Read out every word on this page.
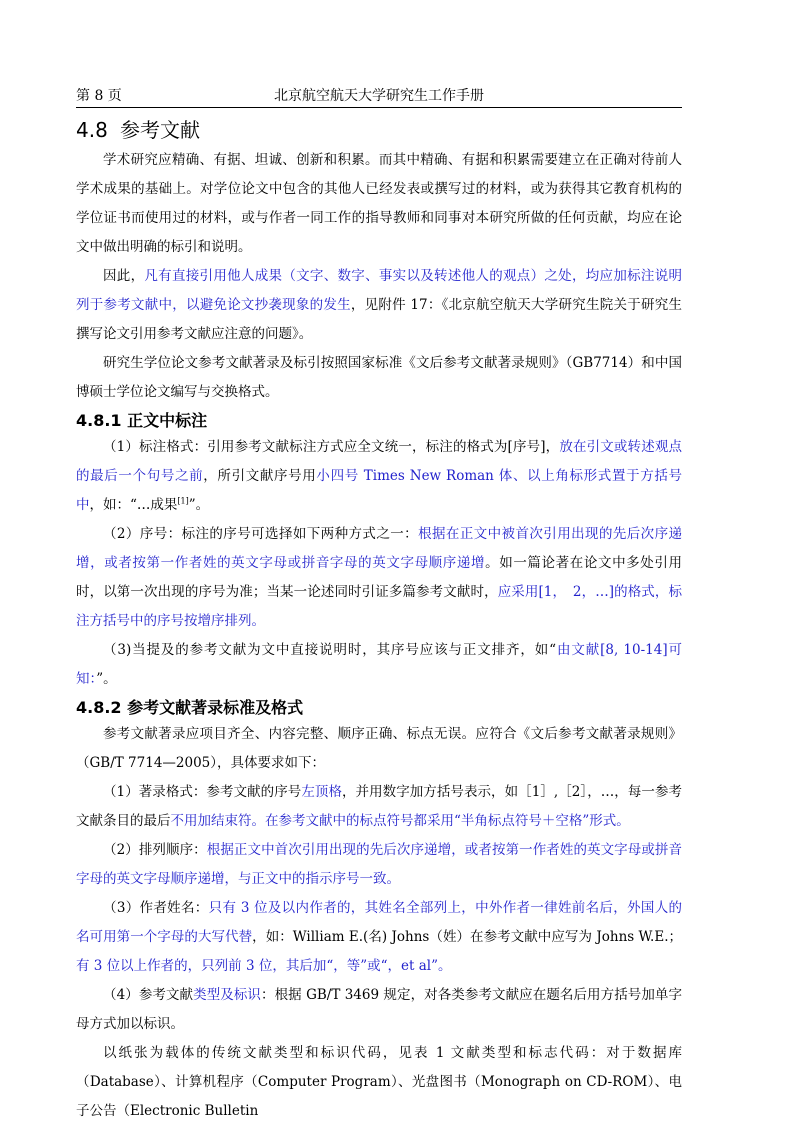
第 8 页	北京航空航天大学研究生工作手册
4.8 参考文献

学术研究应精确、有据、坦诚、创新和积累。而其中精确、有据和积累需要建立在正确对待前人学术成果的基础上。对学位论文中包含的其他人已经发表或撰写过的材料，或为获得其它教育机构的学位证书而使用过的材料，或与作者一同工作的指导教师和同事对本研究所做的任何贡献，均应在论文中做出明确的标引和说明。

因此，凡有直接引用他人成果（文字、数字、事实以及转述他人的观点）之处，均应加标注说明列于参考文献中，以避免论文抄袭现象的发生，见附件 17：《北京航空航天大学研究生院关于研究生撰写论文引用参考文献应注意的问题》。

研究生学位论文参考文献著录及标引按照国家标准《文后参考文献著录规则》（GB7714）和中国博硕士学位论文编写与交换格式。

4.8.1 正文中标注

（1）标注格式：引用参考文献标注方式应全文统一，标注的格式为[序号]，放在引文或转述观点的最后一个句号之前，所引文献序号用小四号 Times New Roman 体、以上角标形式置于方括号中，如：“…成果[1]”。

（2）序号：标注的序号可选择如下两种方式之一：根据在正文中被首次引用出现的先后次序递增，或者按第一作者姓的英文字母或拼音字母的英文字母顺序递增。如一篇论著在论文中多处引用时，以第一次出现的序号为准；当某一论述同时引证多篇参考文献时，应采用[1，　2，…]的格式，标注方括号中的序号按增序排列。

（3)当提及的参考文献为文中直接说明时，其序号应该与正文排齐，如“由文献[8, 10-14]可知：”。

4.8.2 参考文献著录标准及格式

参考文献著录应项目齐全、内容完整、顺序正确、标点无误。应符合《文后参考文献著录规则》（GB/T 7714—2005），具体要求如下：

（1）著录格式：参考文献的序号左顶格，并用数字加方括号表示，如［1］,［2］，…，每一参考文献条目的最后不用加结束符。在参考文献中的标点符号都采用“半角标点符号＋空格”形式。

（2）排列顺序：根据正文中首次引用出现的先后次序递增，或者按第一作者姓的英文字母或拼音字母的英文字母顺序递增，与正文中的指示序号一致。

（3）作者姓名：只有 3 位及以内作者的，其姓名全部列上，中外作者一律姓前名后，外国人的名可用第一个字母的大写代替，如：William E.(名) Johns（姓）在参考文献中应写为 Johns W.E.；有 3 位以上作者的，只列前 3 位，其后加“，等”或“，et al”。

（4）参考文献类型及标识：根据 GB/T 3469 规定，对各类参考文献应在题名后用方括号加单字母方式加以标识。

以纸张为载体的传统文献类型和标识代码，见表 1 文献类型和标志代码：对于数据库（Database）、计算机程序（Computer Program）、光盘图书（Monograph on CD-ROM）、电子公告（Electronic Bulletin
